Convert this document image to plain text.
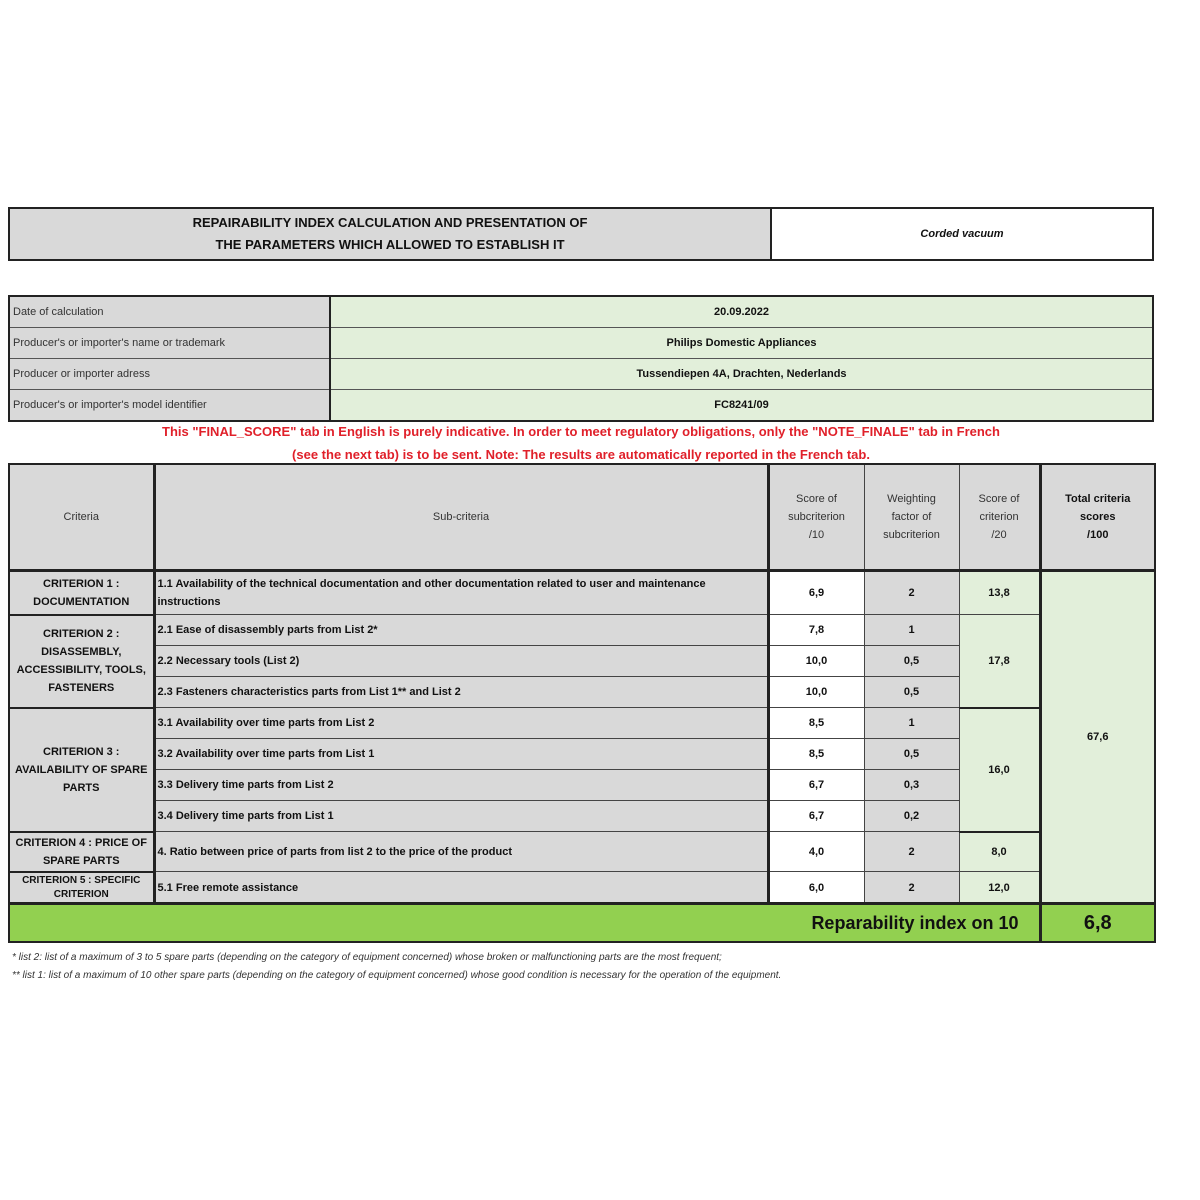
REPAIRABILITY INDEX CALCULATION AND PRESENTATION OF
THE PARAMETERS WHICH ALLOWED TO ESTABLISH IT
Corded vacuum
Date of calculation	20.09.2022
Producer's or importer's name or trademark	Philips Domestic Appliances
Producer or importer adress	Tussendiepen 4A, Drachten, Nederlands
Producer's or importer's model identifier	FC8241/09
This "FINAL_SCORE" tab in English is purely indicative. In order to meet regulatory obligations, only the "NOTE_FINALE" tab in French
(see the next tab) is to be sent. Note: The results are automatically reported in the French tab.
Criteria	Sub-criteria	Score of
subcriterion
/10	Weighting
factor of
subcriterion	Score of
criterion
/20	Total criteria
scores
/100
CRITERION 1 :
DOCUMENTATION	1.1 Availability of the technical documentation and other documentation related to user and maintenance instructions	6,9	2	13,8	67,6
CRITERION 2 :
DISASSEMBLY,
ACCESSIBILITY, TOOLS,
FASTENERS	2.1 Ease of disassembly parts from List 2*	7,8	1	17,8	
	2.2 Necessary tools (List 2)	10,0	0,5		
	2.3 Fasteners characteristics parts from List 1** and List 2	10,0	0,5		
CRITERION 3 :
AVAILABILITY OF SPARE
PARTS	3.1 Availability over time parts from List 2	8,5	1	16,0	
	3.2 Availability over time parts from List 1	8,5	0,5		
	3.3 Delivery time parts from List 2	6,7	0,3		
	3.4 Delivery time parts from List 1	6,7	0,2		
CRITERION 4 : PRICE OF
SPARE PARTS	4. Ratio between price of parts from list 2 to the price of the product	4,0	2	8,0	
CRITERION 5 : SPECIFIC
CRITERION	5.1 Free remote assistance	6,0	2	12,0	

Reparability index on 10					6,8
* list 2: list of a maximum of 3 to 5 spare parts (depending on the category of equipment concerned) whose broken or malfunctioning parts are the most frequent;
** list 1: list of a maximum of 10 other spare parts (depending on the category of equipment concerned) whose good condition is necessary for the operation of the equipment.
